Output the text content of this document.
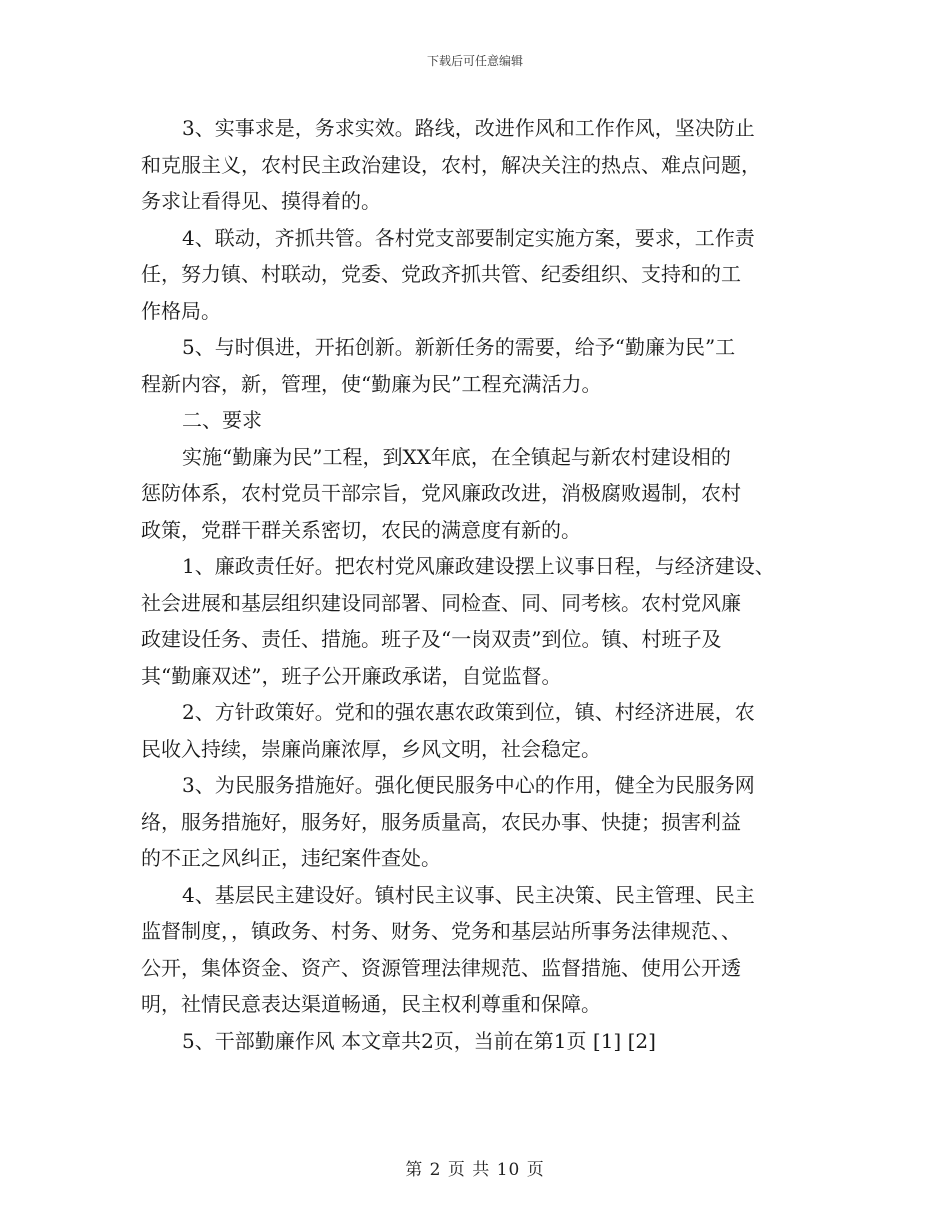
下载后可任意编辑

3、实事求是，务求实效。路线，改进作风和工作作风，坚决防止
和克服主义，农村民主政治建设，农村，解决关注的热点、难点问题，
务求让看得见、摸得着的。

4、联动，齐抓共管。各村党支部要制定实施方案，要求，工作责
任，努力镇、村联动，党委、党政齐抓共管、纪委组织、支持和的工
作格局。

5、与时俱进，开拓创新。新新任务的需要，给予“勤廉为民”工
程新内容，新，管理，使“勤廉为民”工程充满活力。

二、要求

实施“勤廉为民”工程，到XX年底，在全镇起与新农村建设相的
惩防体系，农村党员干部宗旨，党风廉政改进，消极腐败遏制，农村
政策，党群干群关系密切，农民的满意度有新的。

1、廉政责任好。把农村党风廉政建设摆上议事日程，与经济建设、
社会进展和基层组织建设同部署、同检查、同、同考核。农村党风廉
政建设任务、责任、措施。班子及“一岗双责”到位。镇、村班子及
其“勤廉双述”，班子公开廉政承诺，自觉监督。

2、方针政策好。党和的强农惠农政策到位，镇、村经济进展，农
民收入持续，崇廉尚廉浓厚，乡风文明，社会稳定。

3、为民服务措施好。强化便民服务中心的作用，健全为民服务网
络，服务措施好，服务好，服务质量高，农民办事、快捷；损害利益
的不正之风纠正，违纪案件查处。

4、基层民主建设好。镇村民主议事、民主决策、民主管理、民主
监督制度，，镇政务、村务、财务、党务和基层站所事务法律规范、、
公开，集体资金、资产、资源管理法律规范、监督措施、使用公开透
明，社情民意表达渠道畅通，民主权利尊重和保障。

5、干部勤廉作风 本文章共2页，当前在第1页 [1] [2]

第 2 页 共 10 页
